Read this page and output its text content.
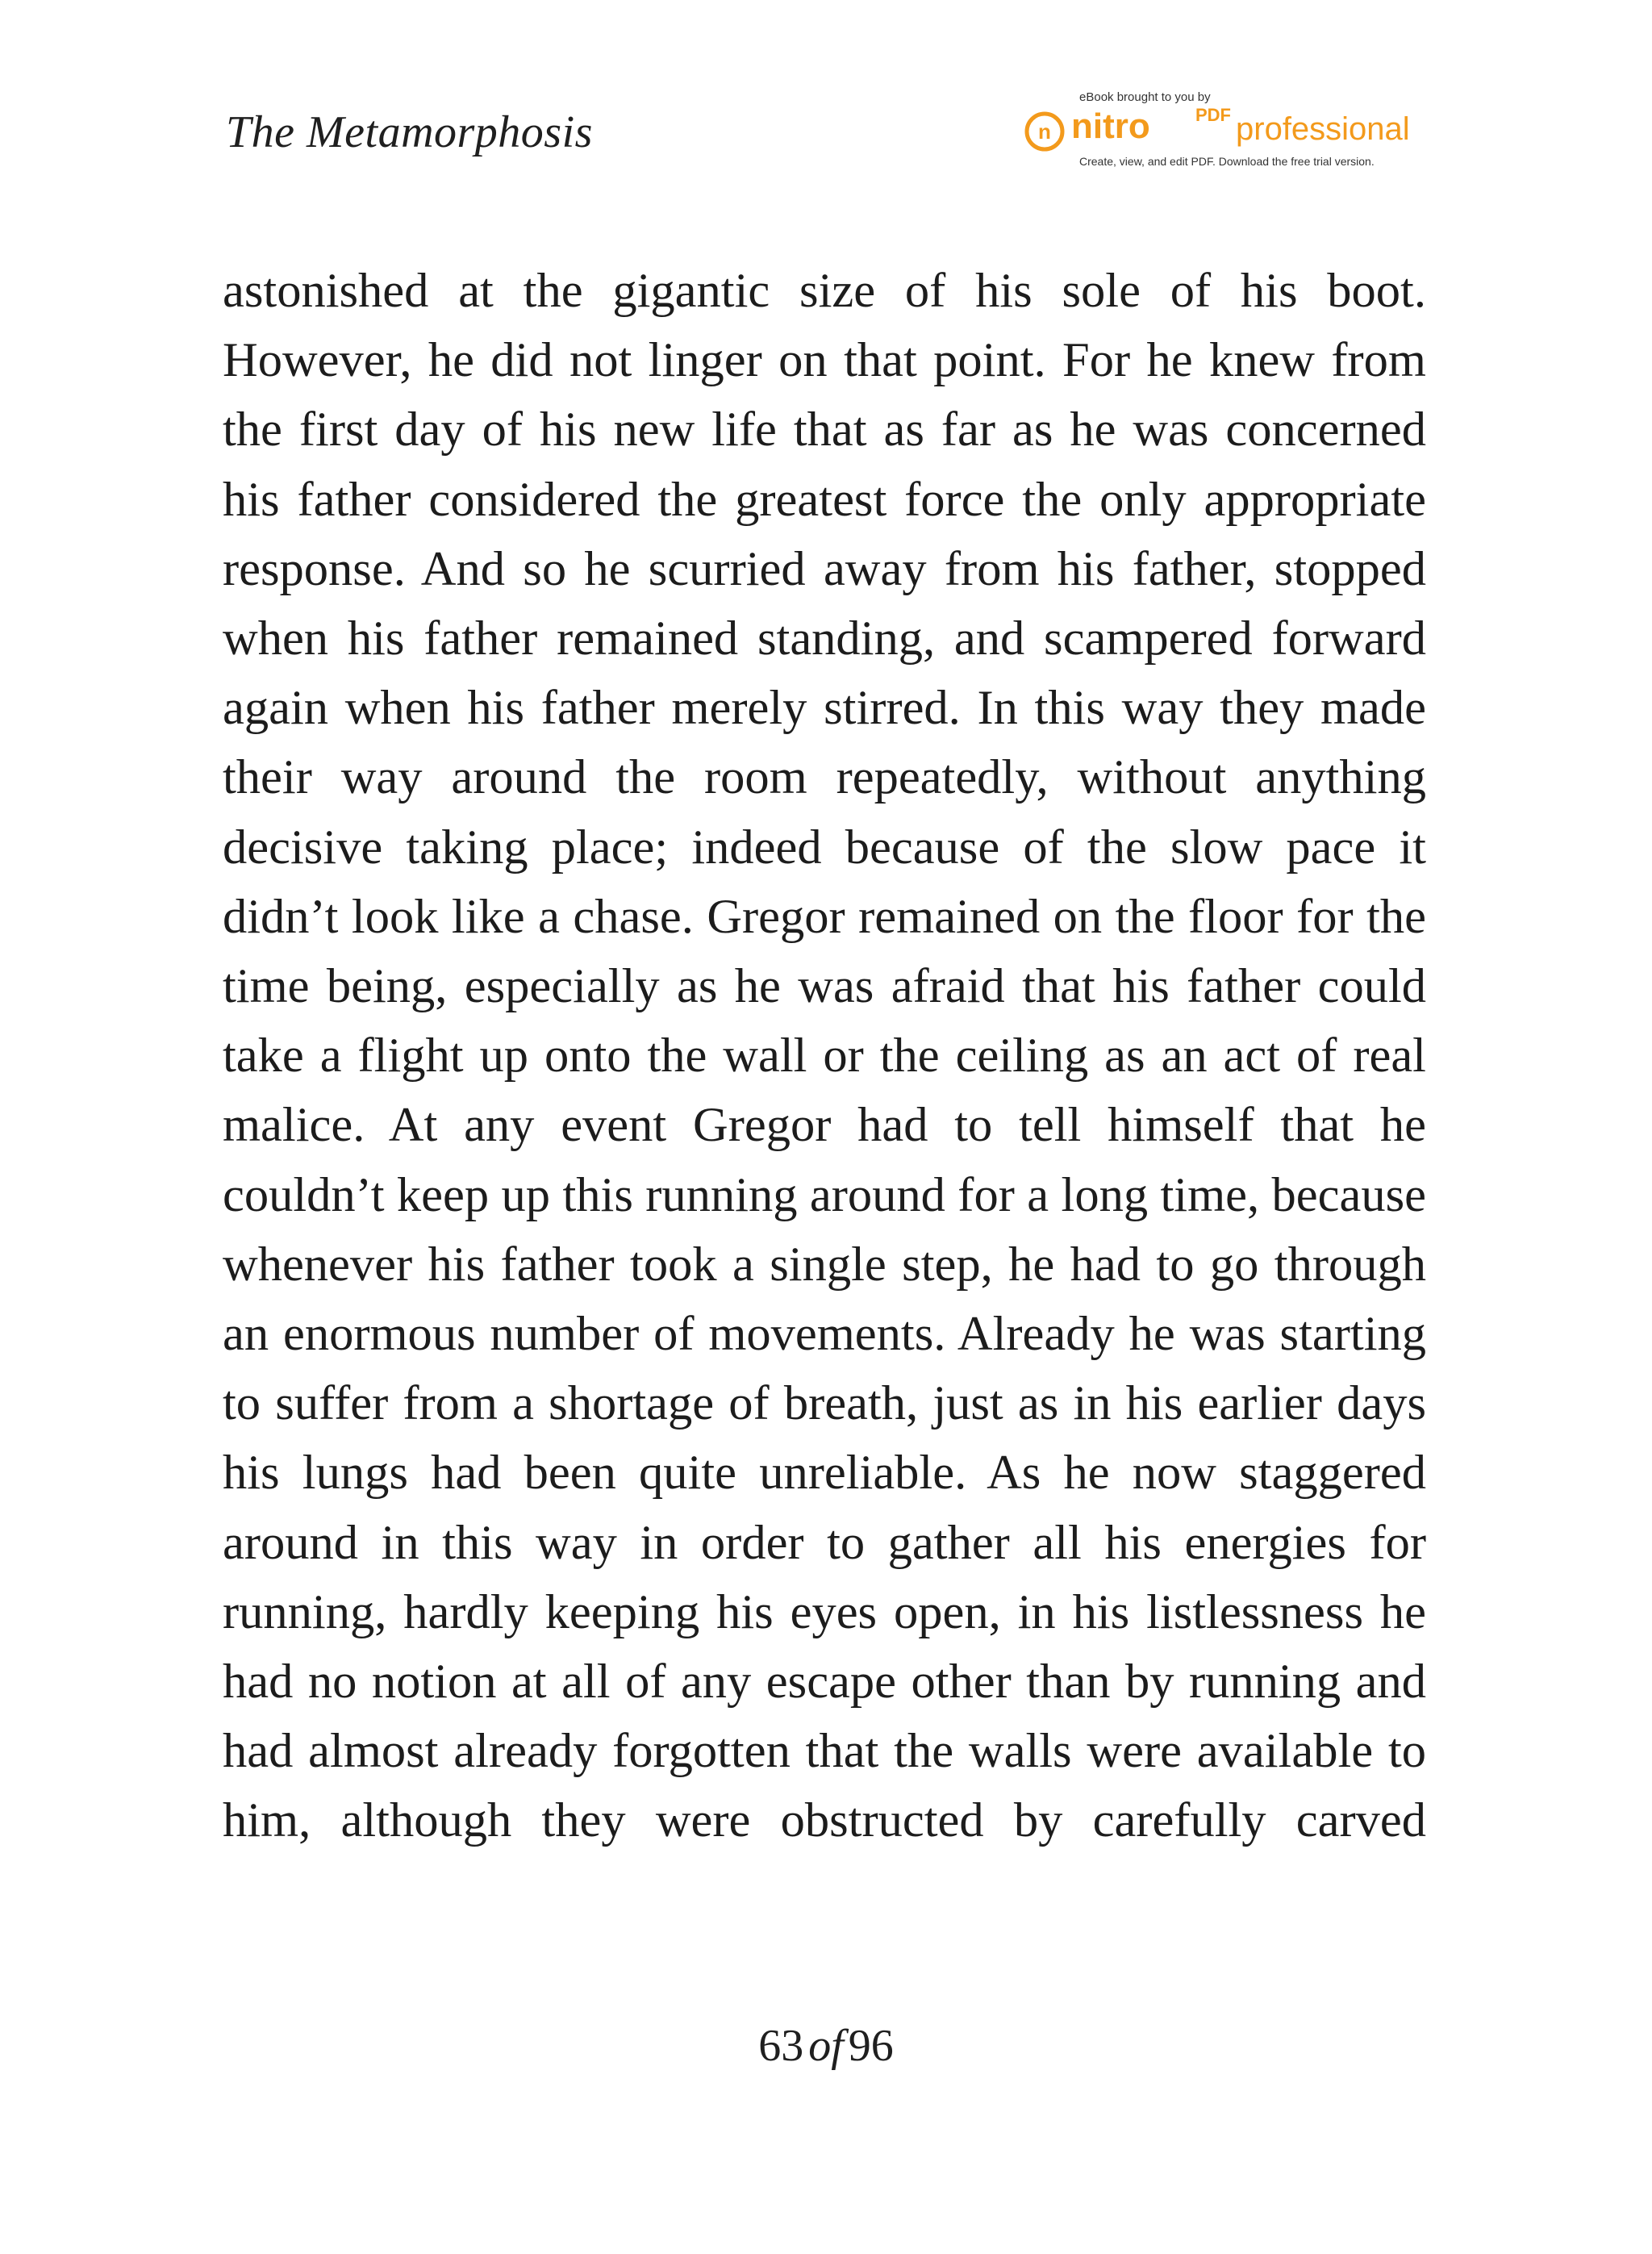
The Metamorphosis
eBook brought to you by
n nitro	PDF professional
Create, view, and edit PDF. Download the free trial version.

astonished at the gigantic size of his sole of his boot. However, he did not linger on that point. For he knew from the first day of his new life that as far as he was concerned his father considered the greatest force the only appropriate response. And so he scurried away from his father, stopped when his father remained standing, and scampered forward again when his father merely stirred. In this way they made their way around the room repeatedly, without anything decisive taking place; indeed because of the slow pace it didn’t look like a chase. Gregor remained on the floor for the time being, especially as he was afraid that his father could take a flight up onto the wall or the ceiling as an act of real malice. At any event Gregor had to tell himself that he couldn’t keep up this running around for a long time, because whenever his father took a single step, he had to go through an enormous number of movements. Already he was starting to suffer from a shortage of breath, just as in his earlier days his lungs had been quite unreliable. As he now staggered around in this way in order to gather all his energies for running, hardly keeping his eyes open, in his listlessness he had no notion at all of any escape other than by running and had almost already forgotten that the walls were available to him, although they were obstructed by carefully carved

63 of 96
